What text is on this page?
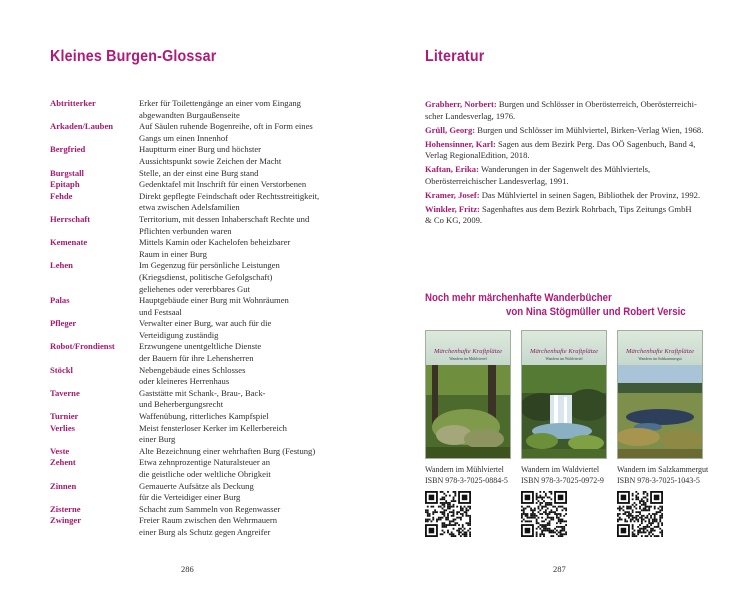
Kleines Burgen-Glossar
Abtritterker	Erker für Toilettengänge an einer vom Eingang
abgewandten Burgaußenseite
Arkaden/Lauben	Auf Säulen ruhende Bogenreihe, oft in Form eines
Gangs um einen Innenhof
Bergfried	Hauptturm einer Burg und höchster
Aussichtspunkt sowie Zeichen der Macht
Burgstall	Stelle, an der einst eine Burg stand
Epitaph	Gedenktafel mit Inschrift für einen Verstorbenen
Fehde	Direkt gepflegte Feindschaft oder Rechtsstreitigkeit,
etwa zwischen Adelsfamilien
Herrschaft	Territorium, mit dessen Inhaberschaft Rechte und
Pflichten verbunden waren
Kemenate	Mittels Kamin oder Kachelofen beheizbarer
Raum in einer Burg
Lehen	Im Gegenzug für persönliche Leistungen
(Kriegsdienst, politische Gefolgschaft)
geliehenes oder vererbbares Gut
Palas	Hauptgebäude einer Burg mit Wohnräumen
und Festsaal
Pfleger	Verwalter einer Burg, war auch für die
Verteidigung zuständig
Robot/Frondienst	Erzwungene unentgeltliche Dienste
der Bauern für ihre Lehensherren
Stöckl	Nebengebäude eines Schlosses
oder kleineres Herrenhaus
Taverne	Gaststätte mit Schank-, Brau-, Back-
und Beherbergungsrecht
Turnier	Waffenübung, ritterliches Kampfspiel
Verlies	Meist fensterloser Kerker im Kellerbereich
einer Burg
Veste	Alte Bezeichnung einer wehrhaften Burg (Festung)
Zehent	Etwa zehnprozentige Naturalsteuer an
die geistliche oder weltliche Obrigkeit
Zinnen	Gemauerte Aufsätze als Deckung
für die Verteidiger einer Burg
Zisterne	Schacht zum Sammeln von Regenwasser
Zwinger	Freier Raum zwischen den Wehrmauern
einer Burg als Schutz gegen Angreifer
286
Literatur
287
Grabherr, Norbert: Burgen und Schlösser in Oberösterreich, Oberösterreichi-
scher Landesverlag, 1976.
Grüll, Georg: Burgen und Schlösser im Mühlviertel, Birken-Verlag Wien, 1968.
Hohensinner, Karl: Sagen aus dem Bezirk Perg. Das OÖ Sagenbuch, Band 4,
Verlag RegionalEdition, 2018.
Kaftan, Erika: Wanderungen in der Sagenwelt des Mühlviertels,
Oberösterreichischer Landesverlag, 1991.
Kramer, Josef: Das Mühlviertel in seinen Sagen, Bibliothek der Provinz, 1992.
Winkler, Fritz: Sagenhaftes aus dem Bezirk Rohrbach, Tips Zeitungs GmbH
& Co KG, 2009.
Noch mehr märchenhafte Wanderbücher
von Nina Stögmüller und Robert Versic
Märchenhafte Kraftplätze
Wandern im Mühlviertel
Märchenhafte Kraftplätze
Wandern im Waldviertel
Märchenhafte Kraftplätze
Wandern im Salzkammergut
Wandern im Mühlviertel
ISBN 978-3-7025-0884-5
Wandern im Waldviertel
ISBN 978-3-7025-0972-9
Wandern im Salzkammergut
ISBN 978-3-7025-1043-5
